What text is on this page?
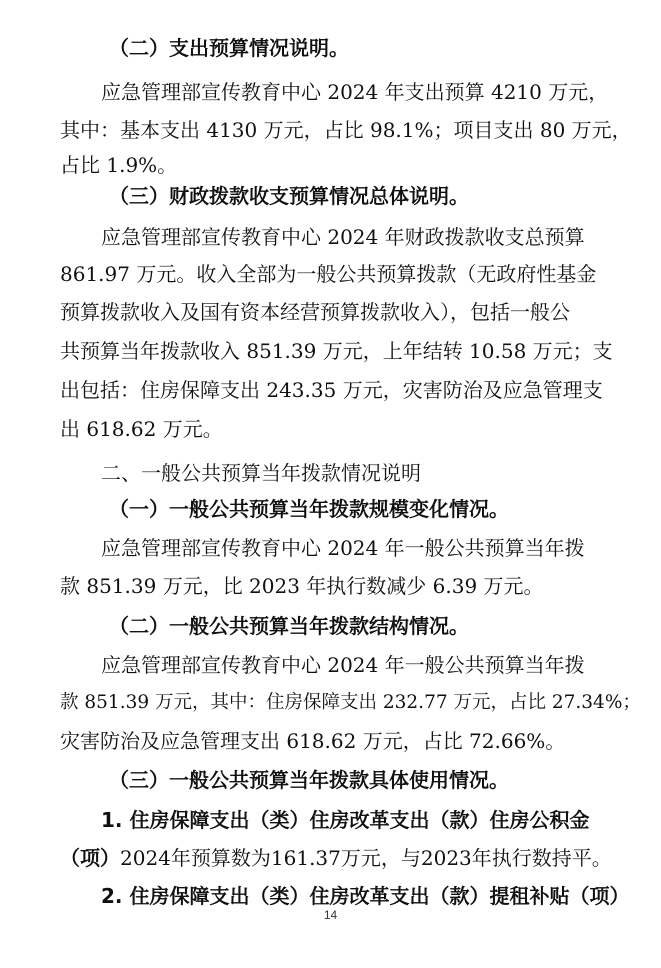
（二）支出预算情况说明。
应急管理部宣传教育中心 2024 年支出预算 4210 万元，
其中：基本支出 4130 万元，占比 98.1%；项目支出 80 万元，
占比 1.9%。
（三）财政拨款收支预算情况总体说明。
应急管理部宣传教育中心 2024 年财政拨款收支总预算
861.97 万元。收入全部为一般公共预算拨款（无政府性基金
预算拨款收入及国有资本经营预算拨款收入），包括一般公
共预算当年拨款收入 851.39 万元，上年结转 10.58 万元；支
出包括：住房保障支出 243.35 万元，灾害防治及应急管理支
出 618.62 万元。
二、一般公共预算当年拨款情况说明
（一）一般公共预算当年拨款规模变化情况。
应急管理部宣传教育中心 2024 年一般公共预算当年拨
款 851.39 万元，比 2023 年执行数减少 6.39 万元。
（二）一般公共预算当年拨款结构情况。
应急管理部宣传教育中心 2024 年一般公共预算当年拨
款 851.39 万元，其中：住房保障支出 232.77 万元，占比 27.34%；
灾害防治及应急管理支出 618.62 万元，占比 72.66%。
（三）一般公共预算当年拨款具体使用情况。
1. 住房保障支出（类）住房改革支出（款）住房公积金
（项）2024年预算数为161.37万元，与2023年执行数持平。
2. 住房保障支出（类）住房改革支出（款）提租补贴（项）
14
